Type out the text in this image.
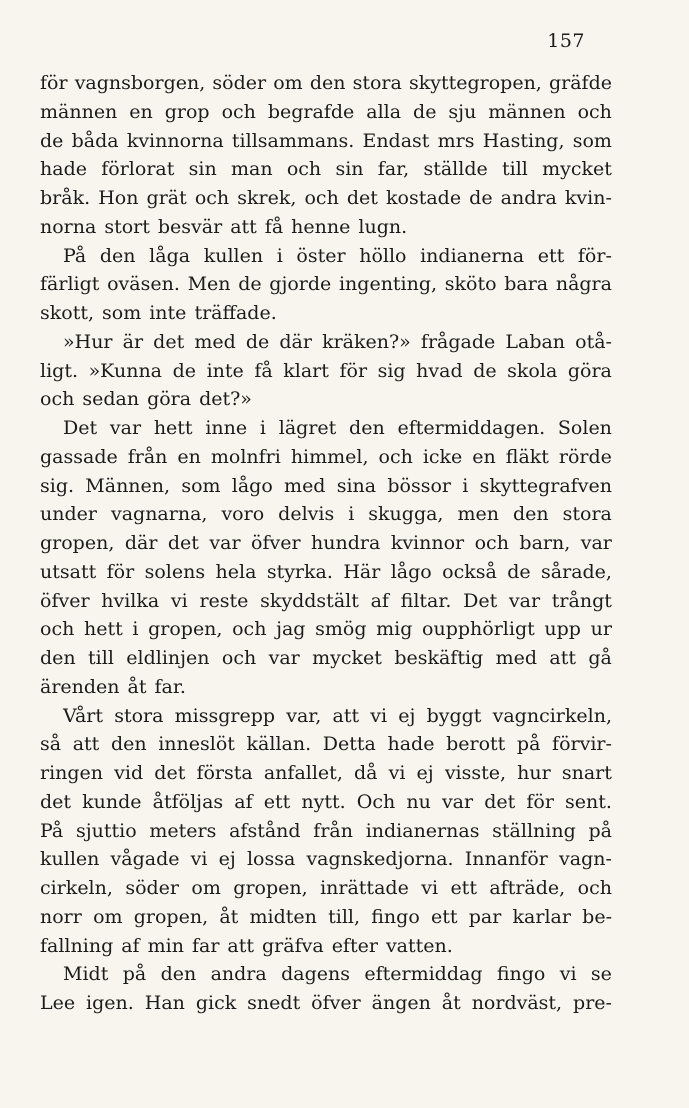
157
för vagnsborgen, söder om den stora skyttegropen, gräfde
männen en grop och begrafde alla de sju männen och
de båda kvinnorna tillsammans. Endast mrs Hasting, som
hade förlorat sin man och sin far, ställde till mycket
bråk. Hon grät och skrek, och det kostade de andra kvin-
norna stort besvär att få henne lugn.
På den låga kullen i öster höllo indianerna ett för-
färligt oväsen. Men de gjorde ingenting, sköto bara några
skott, som inte träffade.
»Hur är det med de där kräken?» frågade Laban otå-
ligt. »Kunna de inte få klart för sig hvad de skola göra
och sedan göra det?»
Det var hett inne i lägret den eftermiddagen. Solen
gassade från en molnfri himmel, och icke en fläkt rörde
sig. Männen, som lågo med sina bössor i skyttegrafven
under vagnarna, voro delvis i skugga, men den stora
gropen, där det var öfver hundra kvinnor och barn, var
utsatt för solens hela styrka. Här lågo också de sårade,
öfver hvilka vi reste skyddstält af filtar. Det var trångt
och hett i gropen, och jag smög mig oupphörligt upp ur
den till eldlinjen och var mycket beskäftig med att gå
ärenden åt far.
Vårt stora missgrepp var, att vi ej byggt vagncirkeln,
så att den inneslöt källan. Detta hade berott på förvir-
ringen vid det första anfallet, då vi ej visste, hur snart
det kunde åtföljas af ett nytt. Och nu var det för sent.
På sjuttio meters afstånd från indianernas ställning på
kullen vågade vi ej lossa vagnskedjorna. Innanför vagn-
cirkeln, söder om gropen, inrättade vi ett afträde, och
norr om gropen, åt midten till, fingo ett par karlar be-
fallning af min far att gräfva efter vatten.
Midt på den andra dagens eftermiddag fingo vi se
Lee igen. Han gick snedt öfver ängen åt nordväst, pre-
